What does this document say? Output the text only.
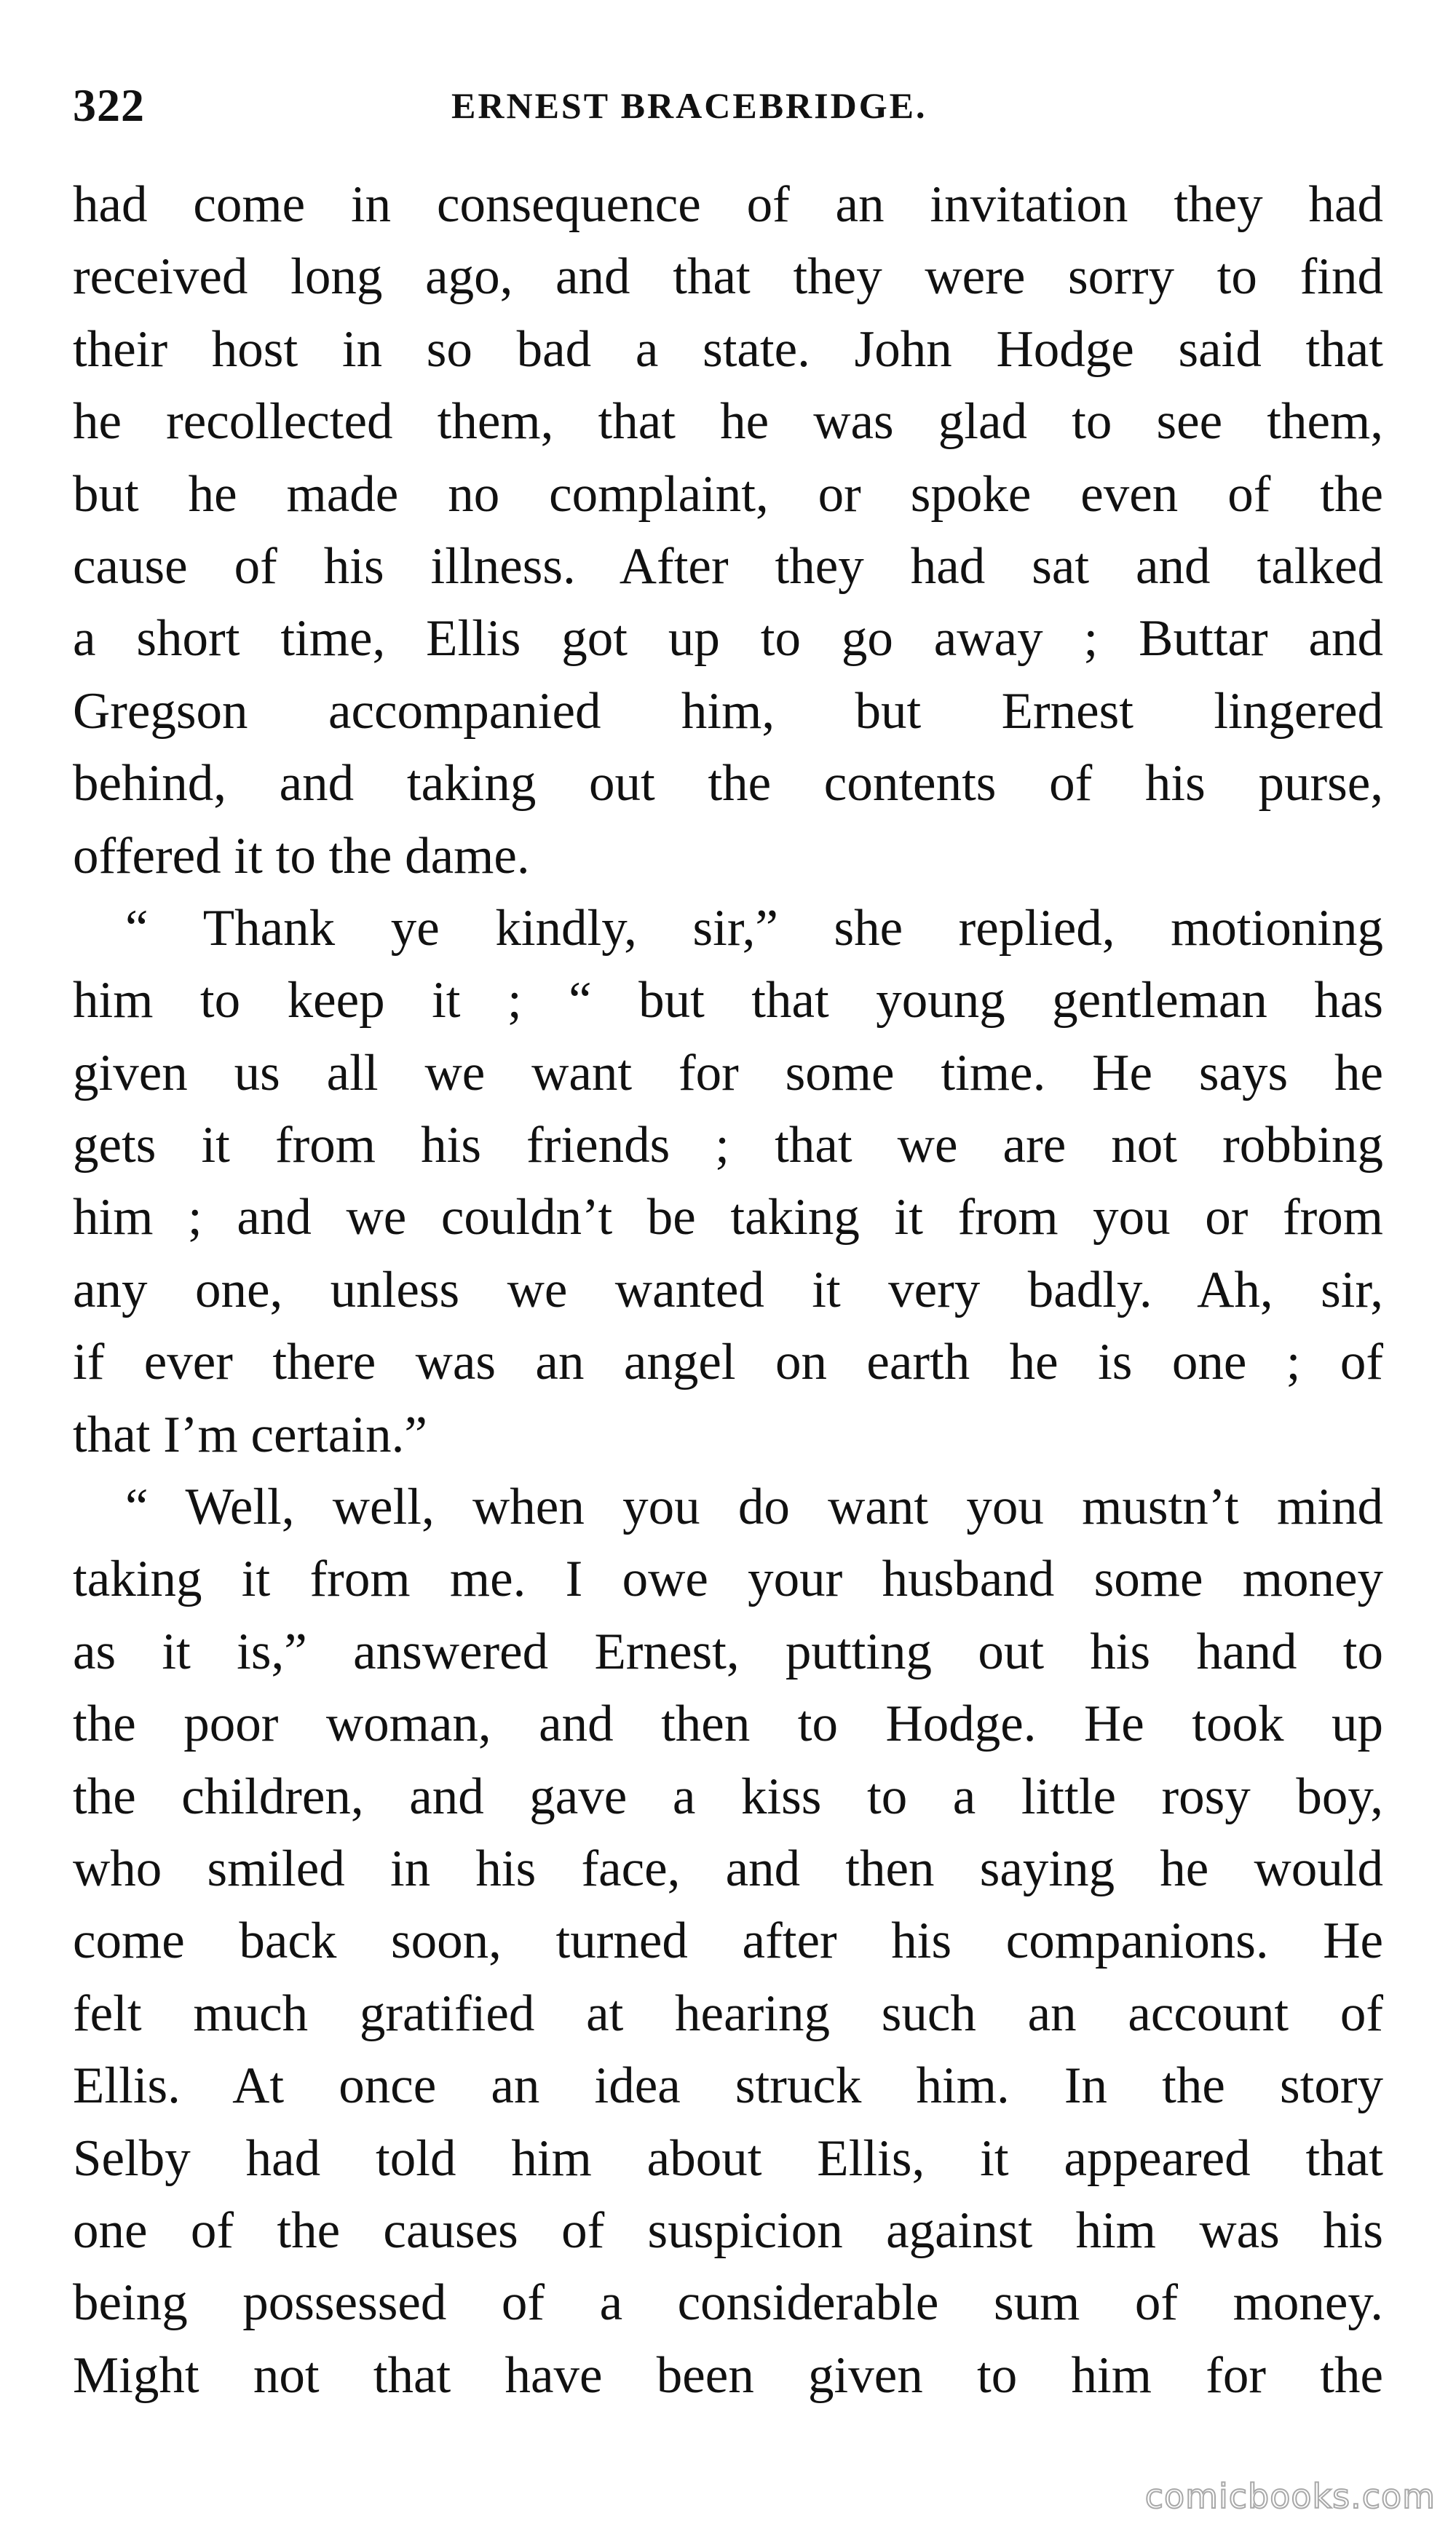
322	ERNEST BRACEBRIDGE.
had come in consequence of an invitation they had
received long ago, and that they were sorry to find
their host in so bad a state. John Hodge said that
he recollected them, that he was glad to see them,
but he made no complaint, or spoke even of the
cause of his illness. After they had sat and talked
a short time, Ellis got up to go away ; Buttar and
Gregson accompanied him, but Ernest lingered
behind, and taking out the contents of his purse,
offered it to the dame.
“ Thank ye kindly, sir,” she replied, motioning
him to keep it ; “ but that young gentleman has
given us all we want for some time. He says he
gets it from his friends ; that we are not robbing
him ; and we couldn’t be taking it from you or from
any one, unless we wanted it very badly. Ah, sir,
if ever there was an angel on earth he is one ; of
that I’m certain.”
“ Well, well, when you do want you mustn’t mind
taking it from me. I owe your husband some money
as it is,” answered Ernest, putting out his hand to
the poor woman, and then to Hodge. He took up
the children, and gave a kiss to a little rosy boy,
who smiled in his face, and then saying he would
come back soon, turned after his companions. He
felt much gratified at hearing such an account of
Ellis. At once an idea struck him. In the story
Selby had told him about Ellis, it appeared that
one of the causes of suspicion against him was his
being possessed of a considerable sum of money.
Might not that have been given to him for the
comicbooks.com
